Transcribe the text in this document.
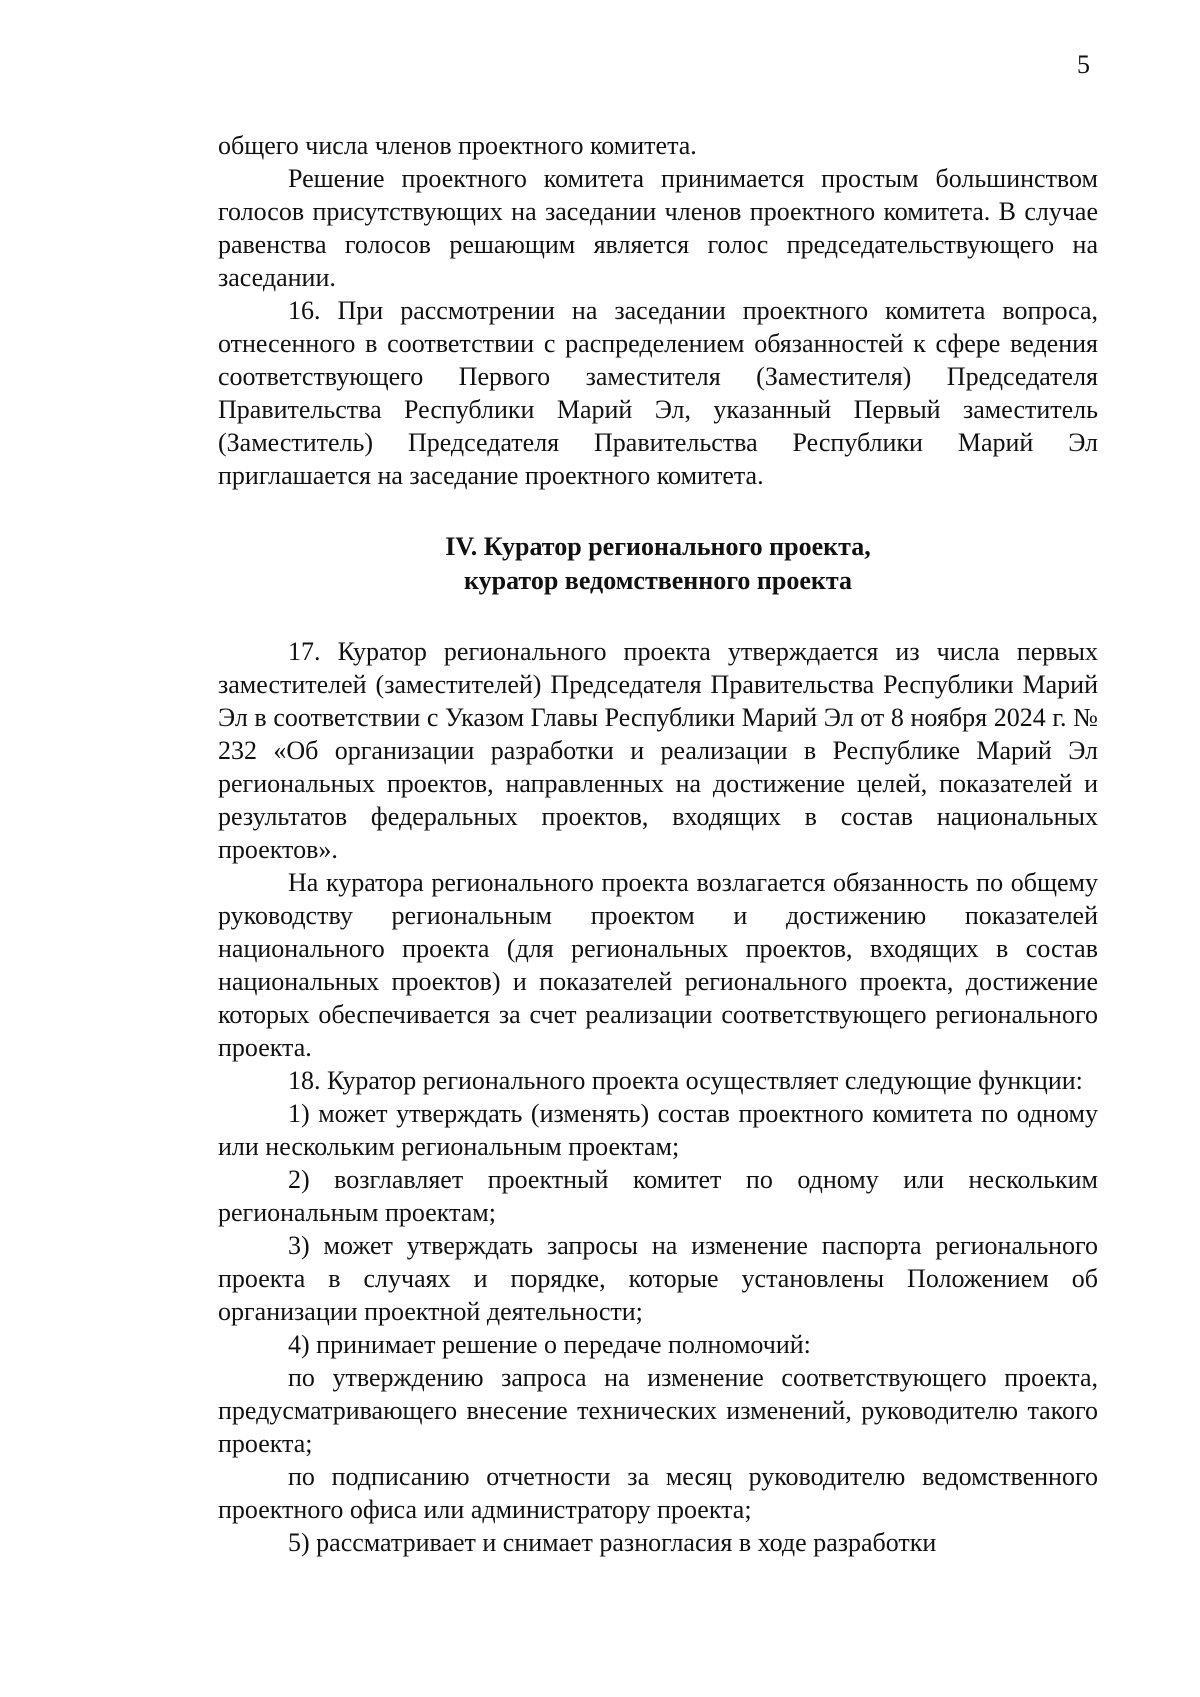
5

общего числа членов проектного комитета.

Решение проектного комитета принимается простым большинством голосов присутствующих на заседании членов проектного комитета. В случае равенства голосов решающим является голос председательствующего на заседании.

16. При рассмотрении на заседании проектного комитета вопроса, отнесенного в соответствии с распределением обязанностей к сфере ведения соответствующего Первого заместителя (Заместителя) Председателя Правительства Республики Марий Эл, указанный Первый заместитель (Заместитель) Председателя Правительства Республики Марий Эл приглашается на заседание проектного комитета.

IV. Куратор регионального проекта,
куратор ведомственного проекта

17. Куратор регионального проекта утверждается из числа первых заместителей (заместителей) Председателя Правительства Республики Марий Эл в соответствии с Указом Главы Республики Марий Эл от 8 ноября 2024 г. № 232 «Об организации разработки и реализации в Республике Марий Эл региональных проектов, направленных на достижение целей, показателей и результатов федеральных проектов, входящих в состав национальных проектов».

На куратора регионального проекта возлагается обязанность по общему руководству региональным проектом и достижению показателей национального проекта (для региональных проектов, входящих в состав национальных проектов) и показателей регионального проекта, достижение которых обеспечивается за счет реализации соответствующего регионального проекта.

18. Куратор регионального проекта осуществляет следующие функции:

1) может утверждать (изменять) состав проектного комитета по одному или нескольким региональным проектам;

2) возглавляет проектный комитет по одному или нескольким региональным проектам;

3) может утверждать запросы на изменение паспорта регионального проекта в случаях и порядке, которые установлены Положением об организации проектной деятельности;

4) принимает решение о передаче полномочий:

по утверждению запроса на изменение соответствующего проекта, предусматривающего внесение технических изменений, руководителю такого проекта;

по подписанию отчетности за месяц руководителю ведомственного проектного офиса или администратору проекта;

5) рассматривает и снимает разногласия в ходе разработки
